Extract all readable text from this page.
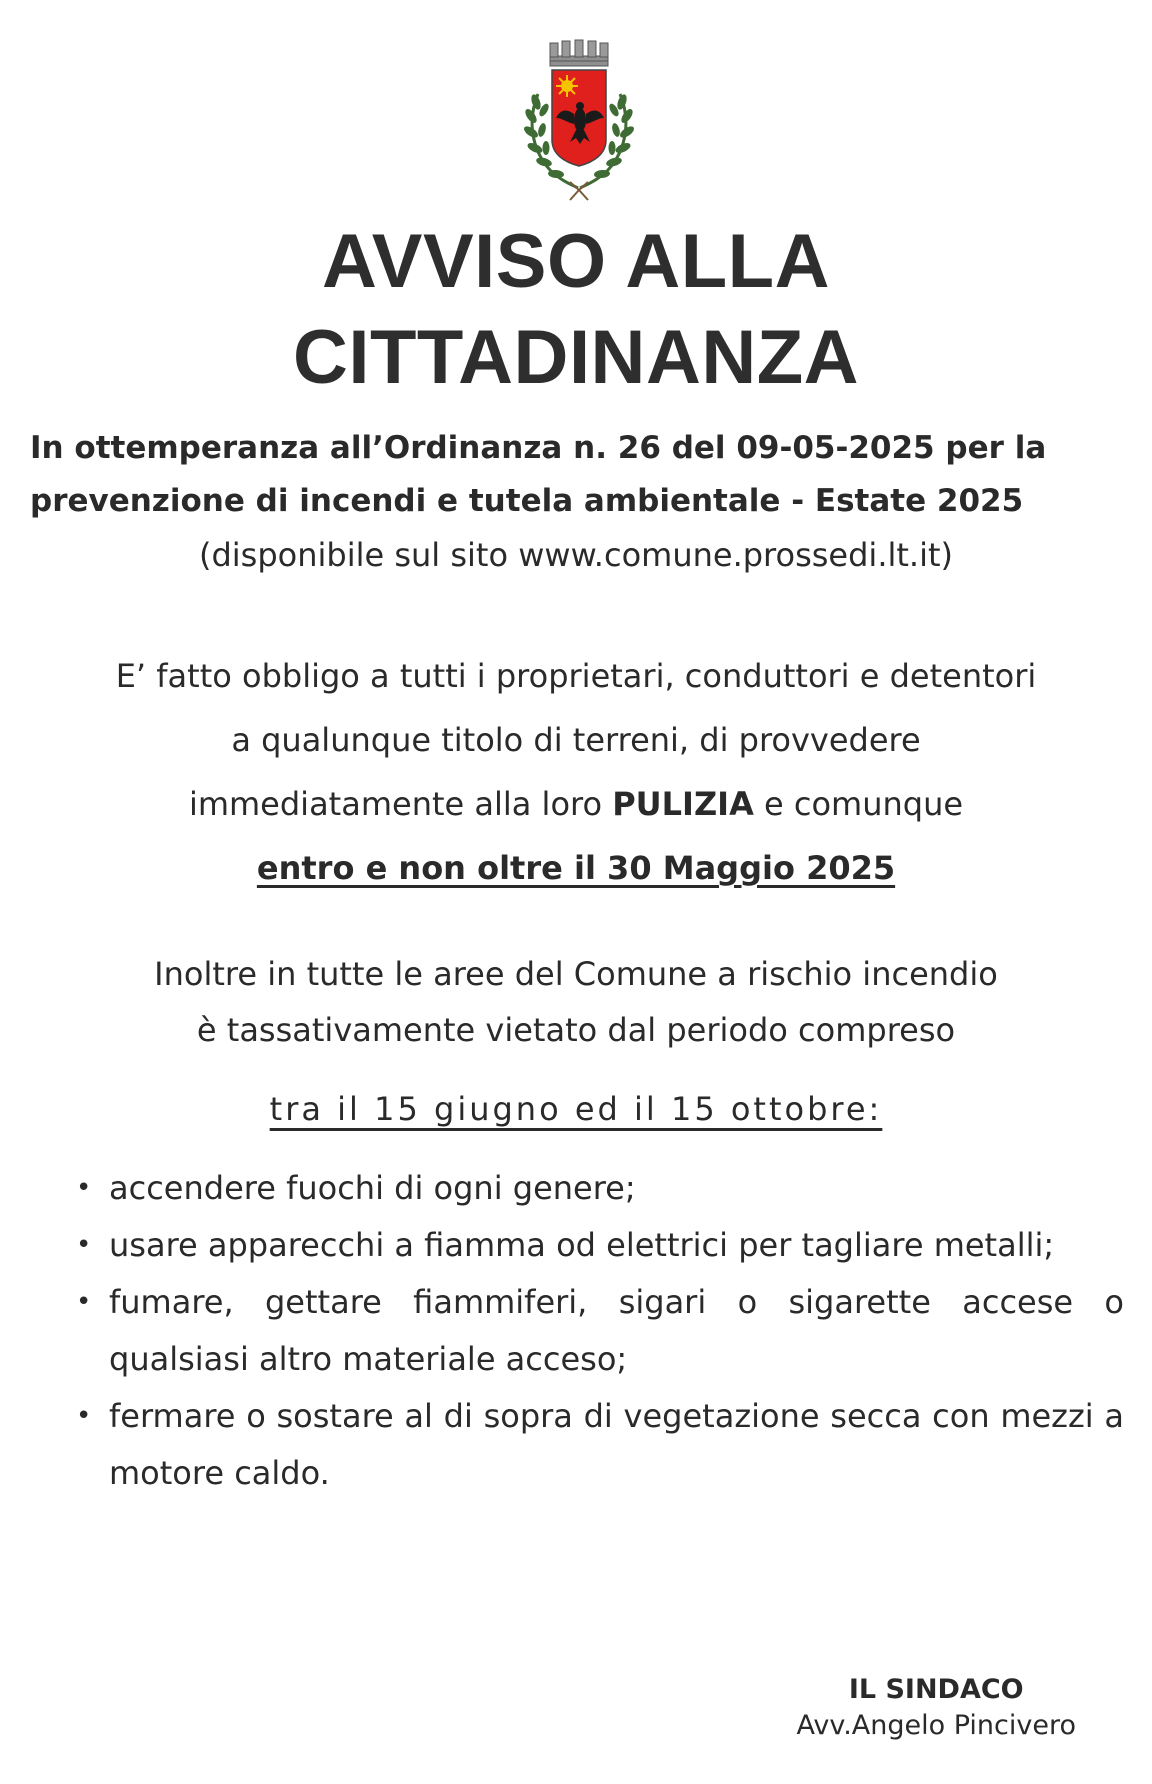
AVVISO ALLA
CITTADINANZA
In ottemperanza all’Ordinanza n. 26 del 09-05-2025 per la
prevenzione di incendi e tutela ambientale - Estate 2025
(disponibile sul sito www.comune.prossedi.lt.it)
E’ fatto obbligo a tutti i proprietari, conduttori e detentori
a qualunque titolo di terreni, di provvedere
immediatamente alla loro PULIZIA e comunque
entro e non oltre il 30 Maggio 2025
Inoltre in tutte le aree del Comune a rischio incendio
è tassativamente vietato dal periodo compreso
tra il 15 giugno ed il 15 ottobre:
• accendere fuochi di ogni genere;
• usare apparecchi a fiamma od elettrici per tagliare metalli;
• fumare, gettare fiammiferi, sigari o sigarette accese o qualsiasi altro materiale acceso;
• fermare o sostare al di sopra di vegetazione secca con mezzi a motore caldo.
IL SINDACO
Avv.Angelo Pincivero
